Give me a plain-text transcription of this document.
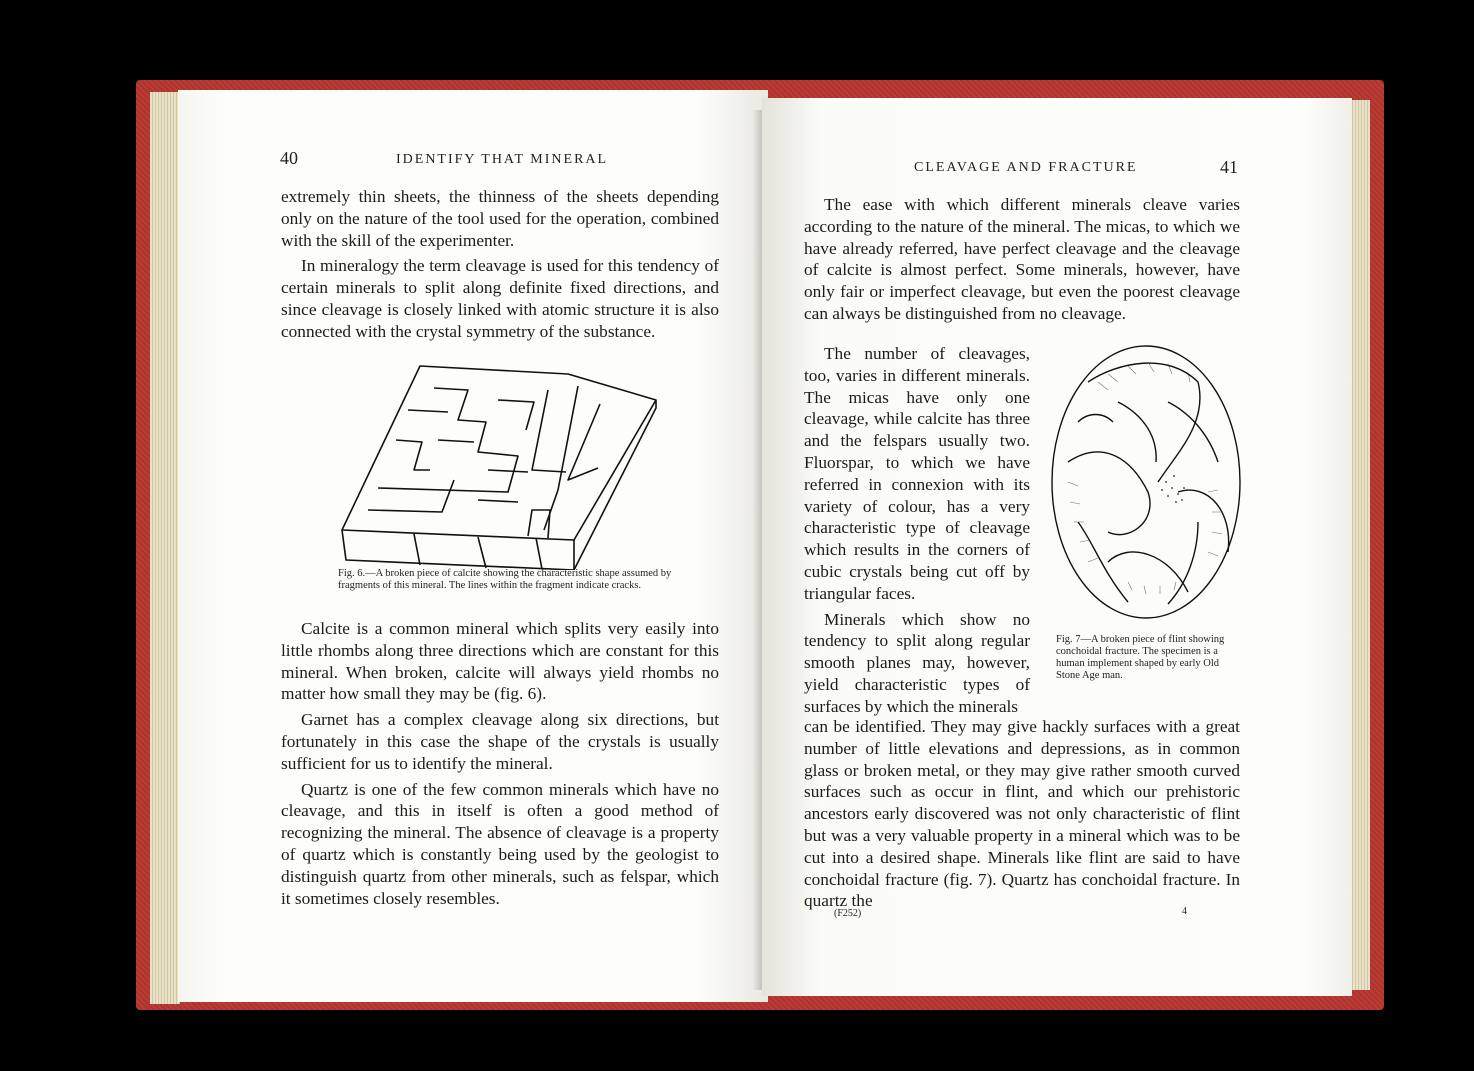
40	IDENTIFY THAT MINERAL

extremely thin sheets, the thinness of the sheets depending only on the nature of the tool used for the operation, combined with the skill of the experimenter.

In mineralogy the term cleavage is used for this tendency of certain minerals to split along definite fixed directions, and since cleavage is closely linked with atomic structure it is also connected with the crystal symmetry of the substance.

Fig. 6.—A broken piece of calcite showing the characteristic shape assumed by fragments of this mineral. The lines within the fragment indicate cracks.

Calcite is a common mineral which splits very easily into little rhombs along three directions which are constant for this mineral. When broken, calcite will always yield rhombs no matter how small they may be (fig. 6).

Garnet has a complex cleavage along six directions, but fortunately in this case the shape of the crystals is usually sufficient for us to identify the mineral.

Quartz is one of the few common minerals which have no cleavage, and this in itself is often a good method of recognizing the mineral. The absence of cleavage is a property of quartz which is constantly being used by the geologist to distinguish quartz from other minerals, such as felspar, which it sometimes closely resembles.

CLEAVAGE AND FRACTURE	41

The ease with which different minerals cleave varies according to the nature of the mineral. The micas, to which we have already referred, have perfect cleavage and the cleavage of calcite is almost perfect. Some minerals, however, have only fair or imperfect cleavage, but even the poorest cleavage can always be distinguished from no cleavage.

The number of cleavages, too, varies in different minerals. The micas have only one cleavage, while calcite has three and the felspars usually two. Fluorspar, to which we have referred in connexion with its variety of colour, has a very characteristic type of cleavage which results in the corners of cubic crystals being cut off by triangular faces.

Minerals which show no tendency to split along regular smooth planes may, however, yield characteristic types of surfaces by which the minerals

Fig. 7—A broken piece of flint showing conchoidal fracture. The specimen is a human implement shaped by early Old Stone Age man.

can be identified. They may give hackly surfaces with a great number of little elevations and depressions, as in common glass or broken metal, or they may give rather smooth curved surfaces such as occur in flint, and which our prehistoric ancestors early discovered was not only characteristic of flint but was a very valuable property in a mineral which was to be cut into a desired shape. Minerals like flint are said to have conchoidal fracture (fig. 7). Quartz has conchoidal fracture. In quartz the

(F252)	4
